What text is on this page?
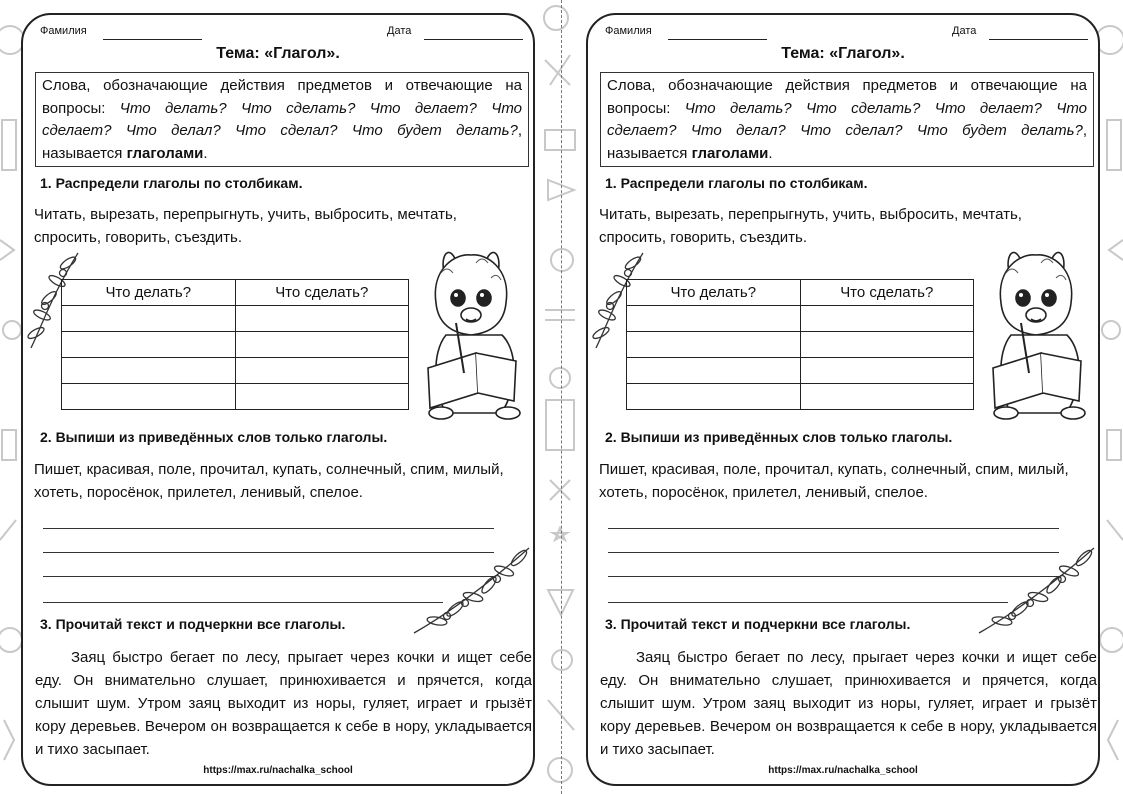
Фамилия	Дата
Тема: «Глагол».
Слова, обозначающие действия предметов и отвечающие на вопросы: Что делать? Что сделать? Что делает? Что сделает? Что делал? Что сделал? Что будет делать?, называется глаголами.
1. Распредели глаголы по столбикам.
Читать, вырезать, перепрыгнуть, учить, выбросить, мечтать, спросить, говорить, съездить.
Что делать?	Что сделать?

2. Выпиши из приведённых слов только глаголы.
Пишет, красивая, поле, прочитал, купать, солнечный, спим, милый, хотеть, поросёнок, прилетел, ленивый, спелое.
3. Прочитай текст и подчеркни все глаголы.
Заяц быстро бегает по лесу, прыгает через кочки и ищет себе еду. Он внимательно слушает, принюхивается и прячется, когда слышит шум. Утром заяц выходит из норы, гуляет, играет и грызёт кору деревьев. Вечером он возвращается к себе в нору, укладывается и тихо засыпает.
https://max.ru/nachalka_school
Фамилия	Дата
Тема: «Глагол».
Слова, обозначающие действия предметов и отвечающие на вопросы: Что делать? Что сделать? Что делает? Что сделает? Что делал? Что сделал? Что будет делать?, называется глаголами.
1. Распредели глаголы по столбикам.
Читать, вырезать, перепрыгнуть, учить, выбросить, мечтать, спросить, говорить, съездить.
Что делать?	Что сделать?

2. Выпиши из приведённых слов только глаголы.
Пишет, красивая, поле, прочитал, купать, солнечный, спим, милый, хотеть, поросёнок, прилетел, ленивый, спелое.
3. Прочитай текст и подчеркни все глаголы.
Заяц быстро бегает по лесу, прыгает через кочки и ищет себе еду. Он внимательно слушает, принюхивается и прячется, когда слышит шум. Утром заяц выходит из норы, гуляет, играет и грызёт кору деревьев. Вечером он возвращается к себе в нору, укладывается и тихо засыпает.
https://max.ru/nachalka_school
